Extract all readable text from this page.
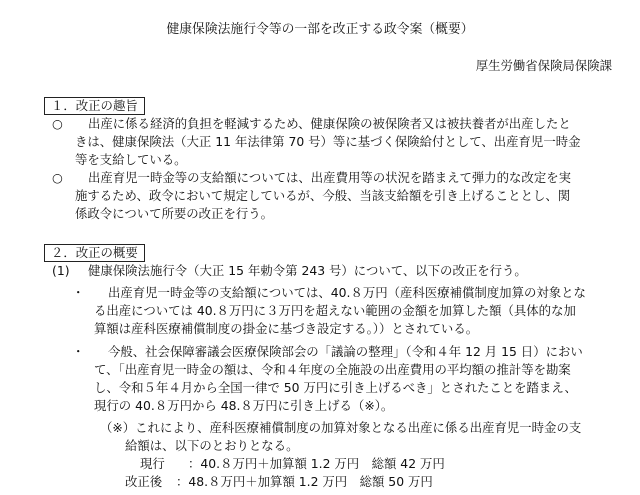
健康保険法施行令等の一部を改正する政令案（概要）
厚生労働省保険局保険課
１．改正の趣旨
○ 出産に係る経済的負担を軽減するため、健康保険の被保険者又は被扶養者が出産したと
きは、健康保険法（大正 11 年法律第 70 号）等に基づく保険給付として、出産育児一時金
等を支給している。
○ 出産育児一時金等の支給額については、出産費用等の状況を踏まえて弾力的な改定を実
施するため、政令において規定しているが、今般、当該支給額を引き上げることとし、関
係政令について所要の改正を行う。
２．改正の概要
(1) 健康保険法施行令（大正 15 年勅令第 243 号）について、以下の改正を行う。
・ 出産育児一時金等の支給額については、40.８万円（産科医療補償制度加算の対象とな
る出産については 40.８万円に３万円を超えない範囲の金額を加算した額（具体的な加
算額は産科医療補償制度の掛金に基づき設定する。））とされている。
・ 今般、社会保障審議会医療保険部会の「議論の整理」（令和４年 12 月 15 日）におい
て、「出産育児一時金の額は、令和４年度の全施設の出産費用の平均額の推計等を勘案
し、令和５年４月から全国一律で 50 万円に引き上げるべき」とされたことを踏まえ、
現行の 40.８万円から 48.８万円に引き上げる（※）。
（※）これにより、産科医療補償制度の加算対象となる出産に係る出産育児一時金の支
給額は、以下のとおりとなる。
現行 ：40.８万円＋加算額 1.2 万円　総額 42 万円
改正後 ：48.８万円＋加算額 1.2 万円　総額 50 万円
